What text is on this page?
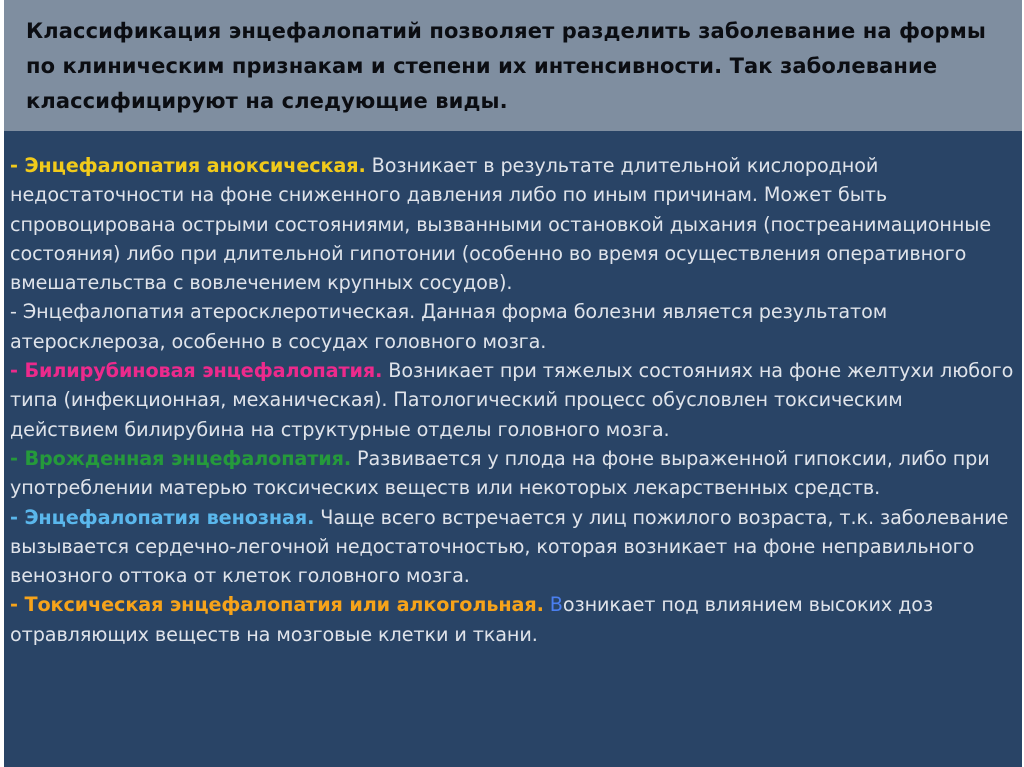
Классификация энцефалопатий позволяет разделить заболевание на формы по клиническим признакам и степени их интенсивности. Так заболевание классифицируют на следующие виды.

- Энцефалопатия аноксическая. Возникает в результате длительной кислородной недостаточности на фоне сниженного давления либо по иным причинам. Может быть спровоцирована острыми состояниями, вызванными остановкой дыхания (постреанимационные состояния) либо при длительной гипотонии (особенно во время осуществления оперативного вмешательства с вовлечением крупных сосудов).

- Энцефалопатия атеросклеротическая. Данная форма болезни является результатом атеросклероза, особенно в сосудах головного мозга.

- Билирубиновая энцефалопатия. Возникает при тяжелых состояниях на фоне желтухи любого типа (инфекционная, механическая). Патологический процесс обусловлен токсическим действием билирубина на структурные отделы головного мозга.

- Врожденная энцефалопатия. Развивается у плода на фоне выраженной гипоксии, либо при употреблении матерью токсических веществ или некоторых лекарственных средств.

- Энцефалопатия венозная. Чаще всего встречается у лиц пожилого возраста, т.к. заболевание вызывается сердечно-легочной недостаточностью, которая возникает на фоне неправильного венозного оттока от клеток головного мозга.

- Токсическая энцефалопатия или алкогольная. Возникает под влиянием высоких доз отравляющих веществ на мозговые клетки и ткани.
